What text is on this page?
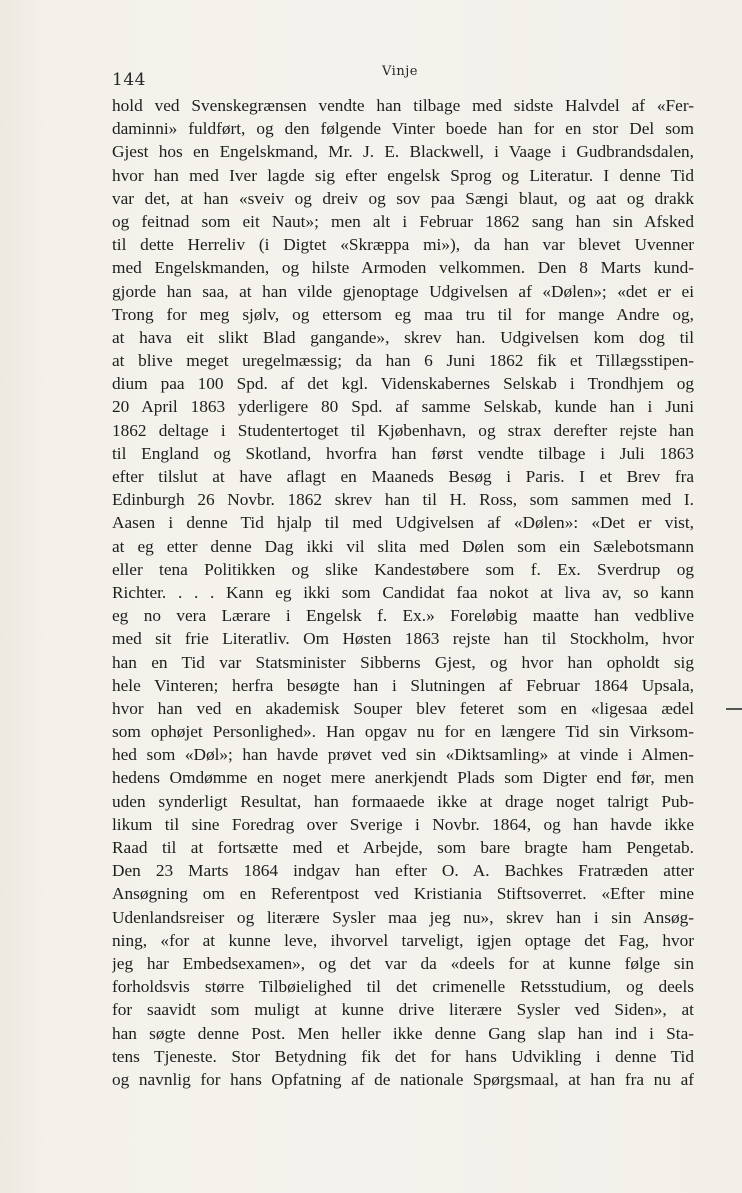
144	Vinje
hold ved Svenskegrænsen vendte han tilbage med sidste Halvdel af «Fer-
daminni» fuldført, og den følgende Vinter boede han for en stor Del som
Gjest hos en Engelskmand, Mr. J. E. Blackwell, i Vaage i Gudbrandsdalen,
hvor han med Iver lagde sig efter engelsk Sprog og Literatur. I denne Tid
var det, at han «sveiv og dreiv og sov paa Sængi blaut, og aat og drakk
og feitnad som eit Naut»; men alt i Februar 1862 sang han sin Afsked
til dette Herreliv (i Digtet «Skræppa mi»), da han var blevet Uvenner
med Engelskmanden, og hilste Armoden velkommen. Den 8 Marts kund-
gjorde han saa, at han vilde gjenoptage Udgivelsen af «Dølen»; «det er ei
Trong for meg sjølv, og ettersom eg maa tru til for mange Andre og,
at hava eit slikt Blad gangande», skrev han. Udgivelsen kom dog til
at blive meget uregelmæssig; da han 6 Juni 1862 fik et Tillægsstipen-
dium paa 100 Spd. af det kgl. Videnskabernes Selskab i Trondhjem og
20 April 1863 yderligere 80 Spd. af samme Selskab, kunde han i Juni
1862 deltage i Studentertoget til Kjøbenhavn, og strax derefter rejste han
til England og Skotland, hvorfra han først vendte tilbage i Juli 1863
efter tilslut at have aflagt en Maaneds Besøg i Paris. I et Brev fra
Edinburgh 26 Novbr. 1862 skrev han til H. Ross, som sammen med I.
Aasen i denne Tid hjalp til med Udgivelsen af «Dølen»: «Det er vist,
at eg etter denne Dag ikki vil slita med Dølen som ein Sælebotsmann
eller tena Politikken og slike Kandestøbere som f. Ex. Sverdrup og
Richter. . . . Kann eg ikki som Candidat faa nokot at liva av, so kann
eg no vera Lærare i Engelsk f. Ex.» Foreløbig maatte han vedblive
med sit frie Literatliv. Om Høsten 1863 rejste han til Stockholm, hvor
han en Tid var Statsminister Sibberns Gjest, og hvor han opholdt sig
hele Vinteren; herfra besøgte han i Slutningen af Februar 1864 Upsala,
hvor han ved en akademisk Souper blev feteret som en «ligesaa ædel
som ophøjet Personlighed». Han opgav nu for en længere Tid sin Virksom-
hed som «Døl»; han havde prøvet ved sin «Diktsamling» at vinde i Almen-
hedens Omdømme en noget mere anerkjendt Plads som Digter end før, men
uden synderligt Resultat, han formaaede ikke at drage noget talrigt Pub-
likum til sine Foredrag over Sverige i Novbr. 1864, og han havde ikke
Raad til at fortsætte med et Arbejde, som bare bragte ham Pengetab.
Den 23 Marts 1864 indgav han efter O. A. Bachkes Fratræden atter
Ansøgning om en Referentpost ved Kristiania Stiftsoverret. «Efter mine
Udenlandsreiser og literære Sysler maa jeg nu», skrev han i sin Ansøg-
ning, «for at kunne leve, ihvorvel tarveligt, igjen optage det Fag, hvor
jeg har Embedsexamen», og det var da «deels for at kunne følge sin
forholdsvis større Tilbøielighed til det crimenelle Retsstudium, og deels
for saavidt som muligt at kunne drive literære Sysler ved Siden», at
han søgte denne Post. Men heller ikke denne Gang slap han ind i Sta-
tens Tjeneste. Stor Betydning fik det for hans Udvikling i denne Tid
og navnlig for hans Opfatning af de nationale Spørgsmaal, at han fra nu af
